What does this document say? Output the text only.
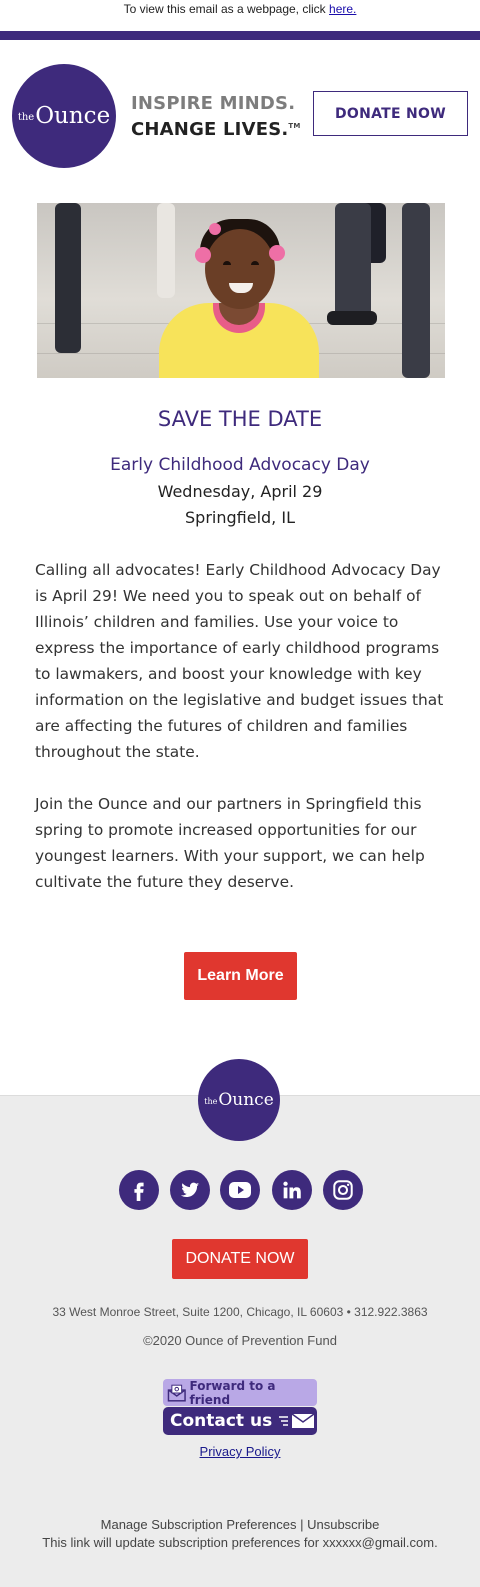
To view this email as a webpage, click here.
the Ounce INSPIRE MINDS.
CHANGE LIVES.™
DONATE NOW
SAVE THE DATE
Early Childhood Advocacy Day
Wednesday, April 29
Springfield, IL
Calling all advocates! Early Childhood Advocacy Day is April 29! We need you to speak out on behalf of Illinois’ children and families. Use your voice to express the importance of early childhood programs to lawmakers, and boost your knowledge with key information on the legislative and budget issues that are affecting the futures of children and families throughout the state.
Join the Ounce and our partners in Springfield this spring to promote increased opportunities for our youngest learners. With your support, we can help cultivate the future they deserve.
Learn More
the Ounce
DONATE NOW
33 West Monroe Street, Suite 1200, Chicago, IL 60603 • 312.922.3863
©2020 Ounce of Prevention Fund
Forward to a friend
Contact us
Privacy Policy
Manage Subscription Preferences | Unsubscribe
This link will update subscription preferences for xxxxxx@gmail.com.
